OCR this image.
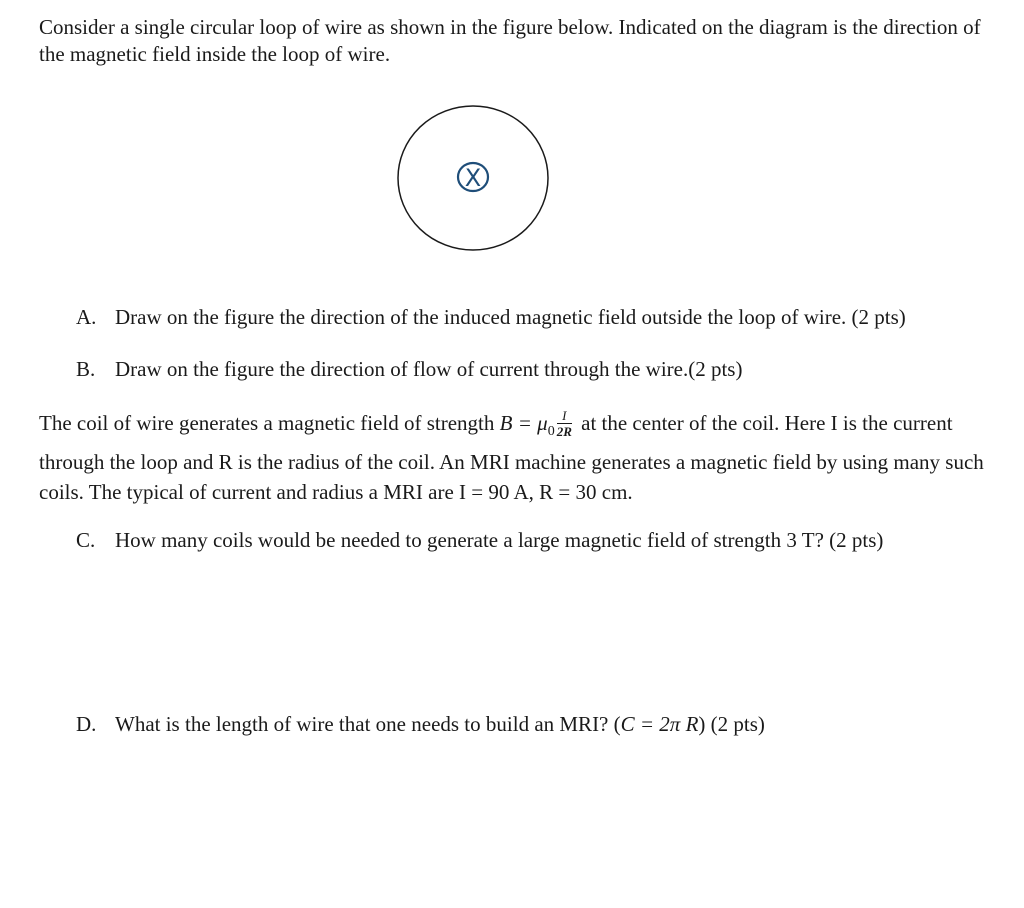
Consider a single circular loop of wire as shown in the figure below. Indicated on the diagram is the direction of the magnetic field inside the loop of wire.

X
A. Draw on the figure the direction of the induced magnetic field outside the loop of wire. (2 pts)
B. Draw on the figure the direction of flow of current through the wire.(2 pts)

The coil of wire generates a magnetic field of strength $B = \mu_0 \frac{I}{2R}$ at the center of the coil. Here I is the current through the loop and R is the radius of the coil. An MRI machine generates a magnetic field by using many such coils. The typical of current and radius a MRI are I = 90 A, R = 30 cm.

C. How many coils would be needed to generate a large magnetic field of strength 3 T? (2 pts)
D. What is the length of wire that one needs to build an MRI? (C = 2π R) (2 pts)
